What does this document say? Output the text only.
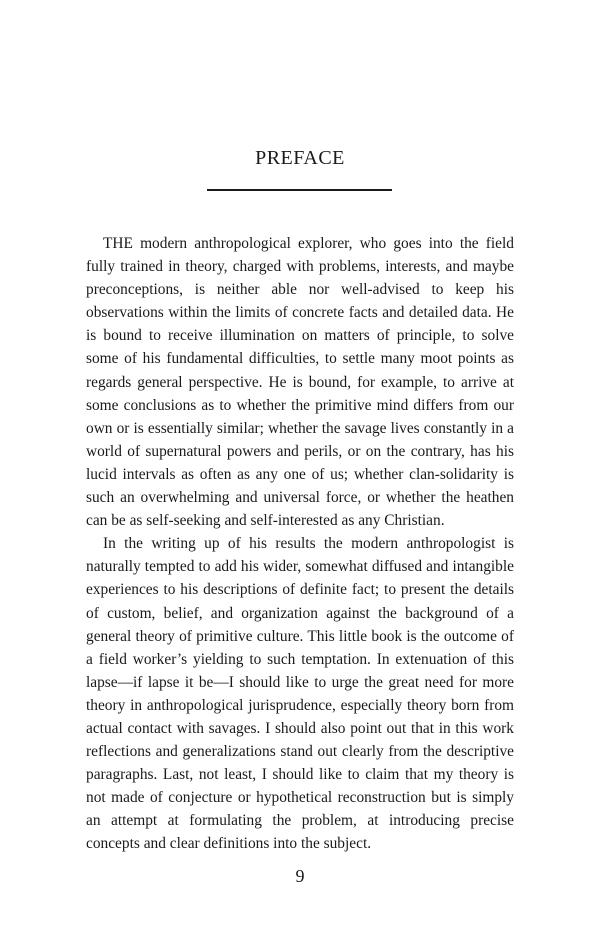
PREFACE

THE modern anthropological explorer, who goes into the field fully trained in theory, charged with problems, interests, and maybe preconceptions, is neither able nor well-advised to keep his observations within the limits of concrete facts and detailed data. He is bound to receive illumination on matters of principle, to solve some of his fundamental difficulties, to settle many moot points as regards general perspective. He is bound, for example, to arrive at some conclusions as to whether the primitive mind differs from our own or is essentially similar; whether the savage lives constantly in a world of supernatural powers and perils, or on the contrary, has his lucid intervals as often as any one of us; whether clan-solidarity is such an overwhelming and universal force, or whether the heathen can be as self-seeking and self-interested as any Christian.

In the writing up of his results the modern anthropologist is naturally tempted to add his wider, somewhat diffused and intangible experiences to his descriptions of definite fact; to present the details of custom, belief, and organization against the background of a general theory of primitive culture. This little book is the outcome of a field worker’s yielding to such temptation. In extenuation of this lapse—if lapse it be—I should like to urge the great need for more theory in anthropological jurisprudence, especially theory born from actual contact with savages. I should also point out that in this work reflections and generalizations stand out clearly from the descriptive paragraphs. Last, not least, I should like to claim that my theory is not made of conjecture or hypothetical reconstruction but is simply an attempt at formulating the problem, at introducing precise concepts and clear definitions into the subject.

9
